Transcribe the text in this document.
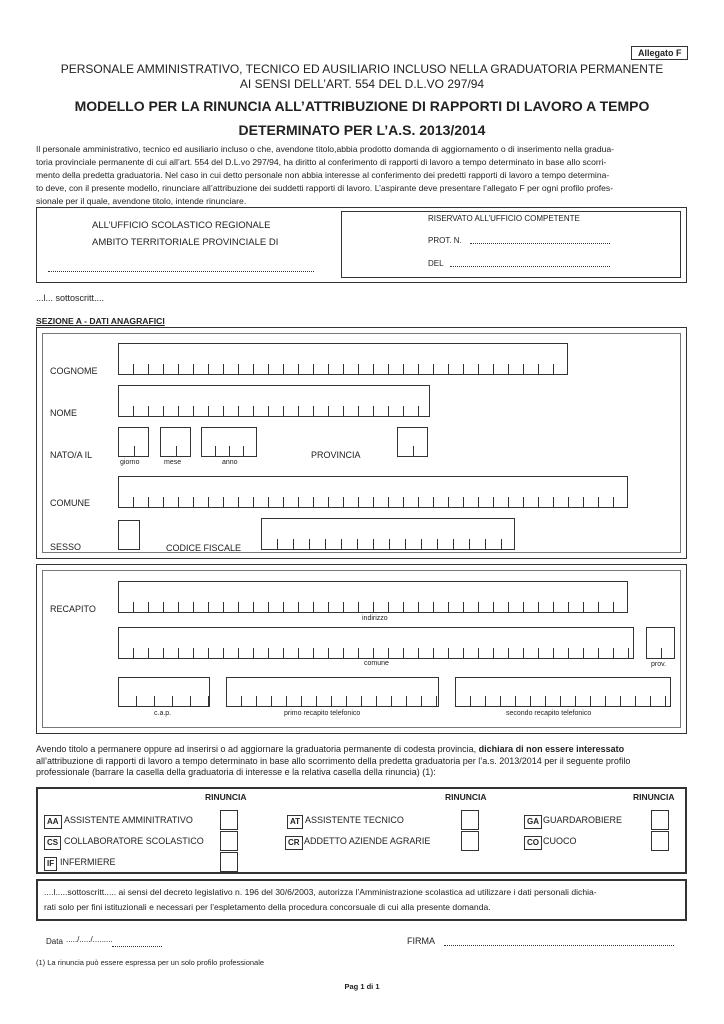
Allegato F
PERSONALE AMMINISTRATIVO, TECNICO ED AUSILIARIO INCLUSO NELLA GRADUATORIA PERMANENTE
AI SENSI DELL’ART. 554 DEL D.L.VO 297/94
MODELLO PER LA RINUNCIA ALL’ATTRIBUZIONE DI RAPPORTI DI LAVORO A TEMPO
DETERMINATO PER L’A.S. 2013/2014
Il personale amministrativo, tecnico ed ausiliario incluso o che, avendone titolo,abbia prodotto domanda di aggiornamento o di inserimento nella gradua-
toria provinciale permanente di cui all’art. 554 del D.L.vo 297/94, ha diritto al conferimento di rapporti di lavoro a tempo determinato in base allo scorri-
mento della predetta graduatoria. Nel caso in cui detto personale non abbia interesse al conferimento dei predetti rapporti di lavoro a tempo determina-
to deve, con il presente modello, rinunciare all’attribuzione dei suddetti rapporti di lavoro. L’aspirante deve presentare l’allegato F per ogni profilo profes-
sionale per il quale, avendone titolo, intende rinunciare.
ALL’UFFICIO SCOLASTICO REGIONALE
AMBITO TERRITORIALE PROVINCIALE DI
RISERVATO ALL’UFFICIO COMPETENTE
PROT. N.
DEL
...l... sottoscritt....
SEZIONE A - DATI ANAGRAFICI
COGNOME
NOME
NATO/A IL
giorno	mese	anno
PROVINCIA
COMUNE
SESSO	CODICE FISCALE
RECAPITO
indirizzo
comune	prov.
c.a.p.	primo recapito telefonico	secondo recapito telefonico
Avendo titolo a permanere oppure ad inserirsi o ad aggiornare la graduatoria permanente di codesta provincia, dichiara di non essere interessato
all’attribuzione di rapporti di lavoro a tempo determinato in base allo scorrimento della predetta graduatoria per l’a.s. 2013/2014 per il seguente profilo
professionale (barrare la casella della graduatoria di interesse e la relativa casella della rinuncia) (1):
RINUNCIA	RINUNCIA	RINUNCIA
AA ASSISTENTE AMMINITRATIVO	AT ASSISTENTE TECNICO	GA GUARDAROBIERE
CS COLLABORATORE SCOLASTICO	CR ADDETTO AZIENDE AGRARIE	CO CUOCO
IF INFERMIERE
....l.....sottoscritt..... ai sensi del decreto legislativo n. 196 del 30/6/2003, autorizza l’Amministrazione scolastica ad utilizzare i dati personali dichia-
rati solo per fini istituzionali e necessari per l’espletamento della procedura concorsuale di cui alla presente domanda.
Data ...../...../.........	FIRMA
(1) La rinuncia può essere espressa per un solo profilo professionale
Pag 1 di 1
